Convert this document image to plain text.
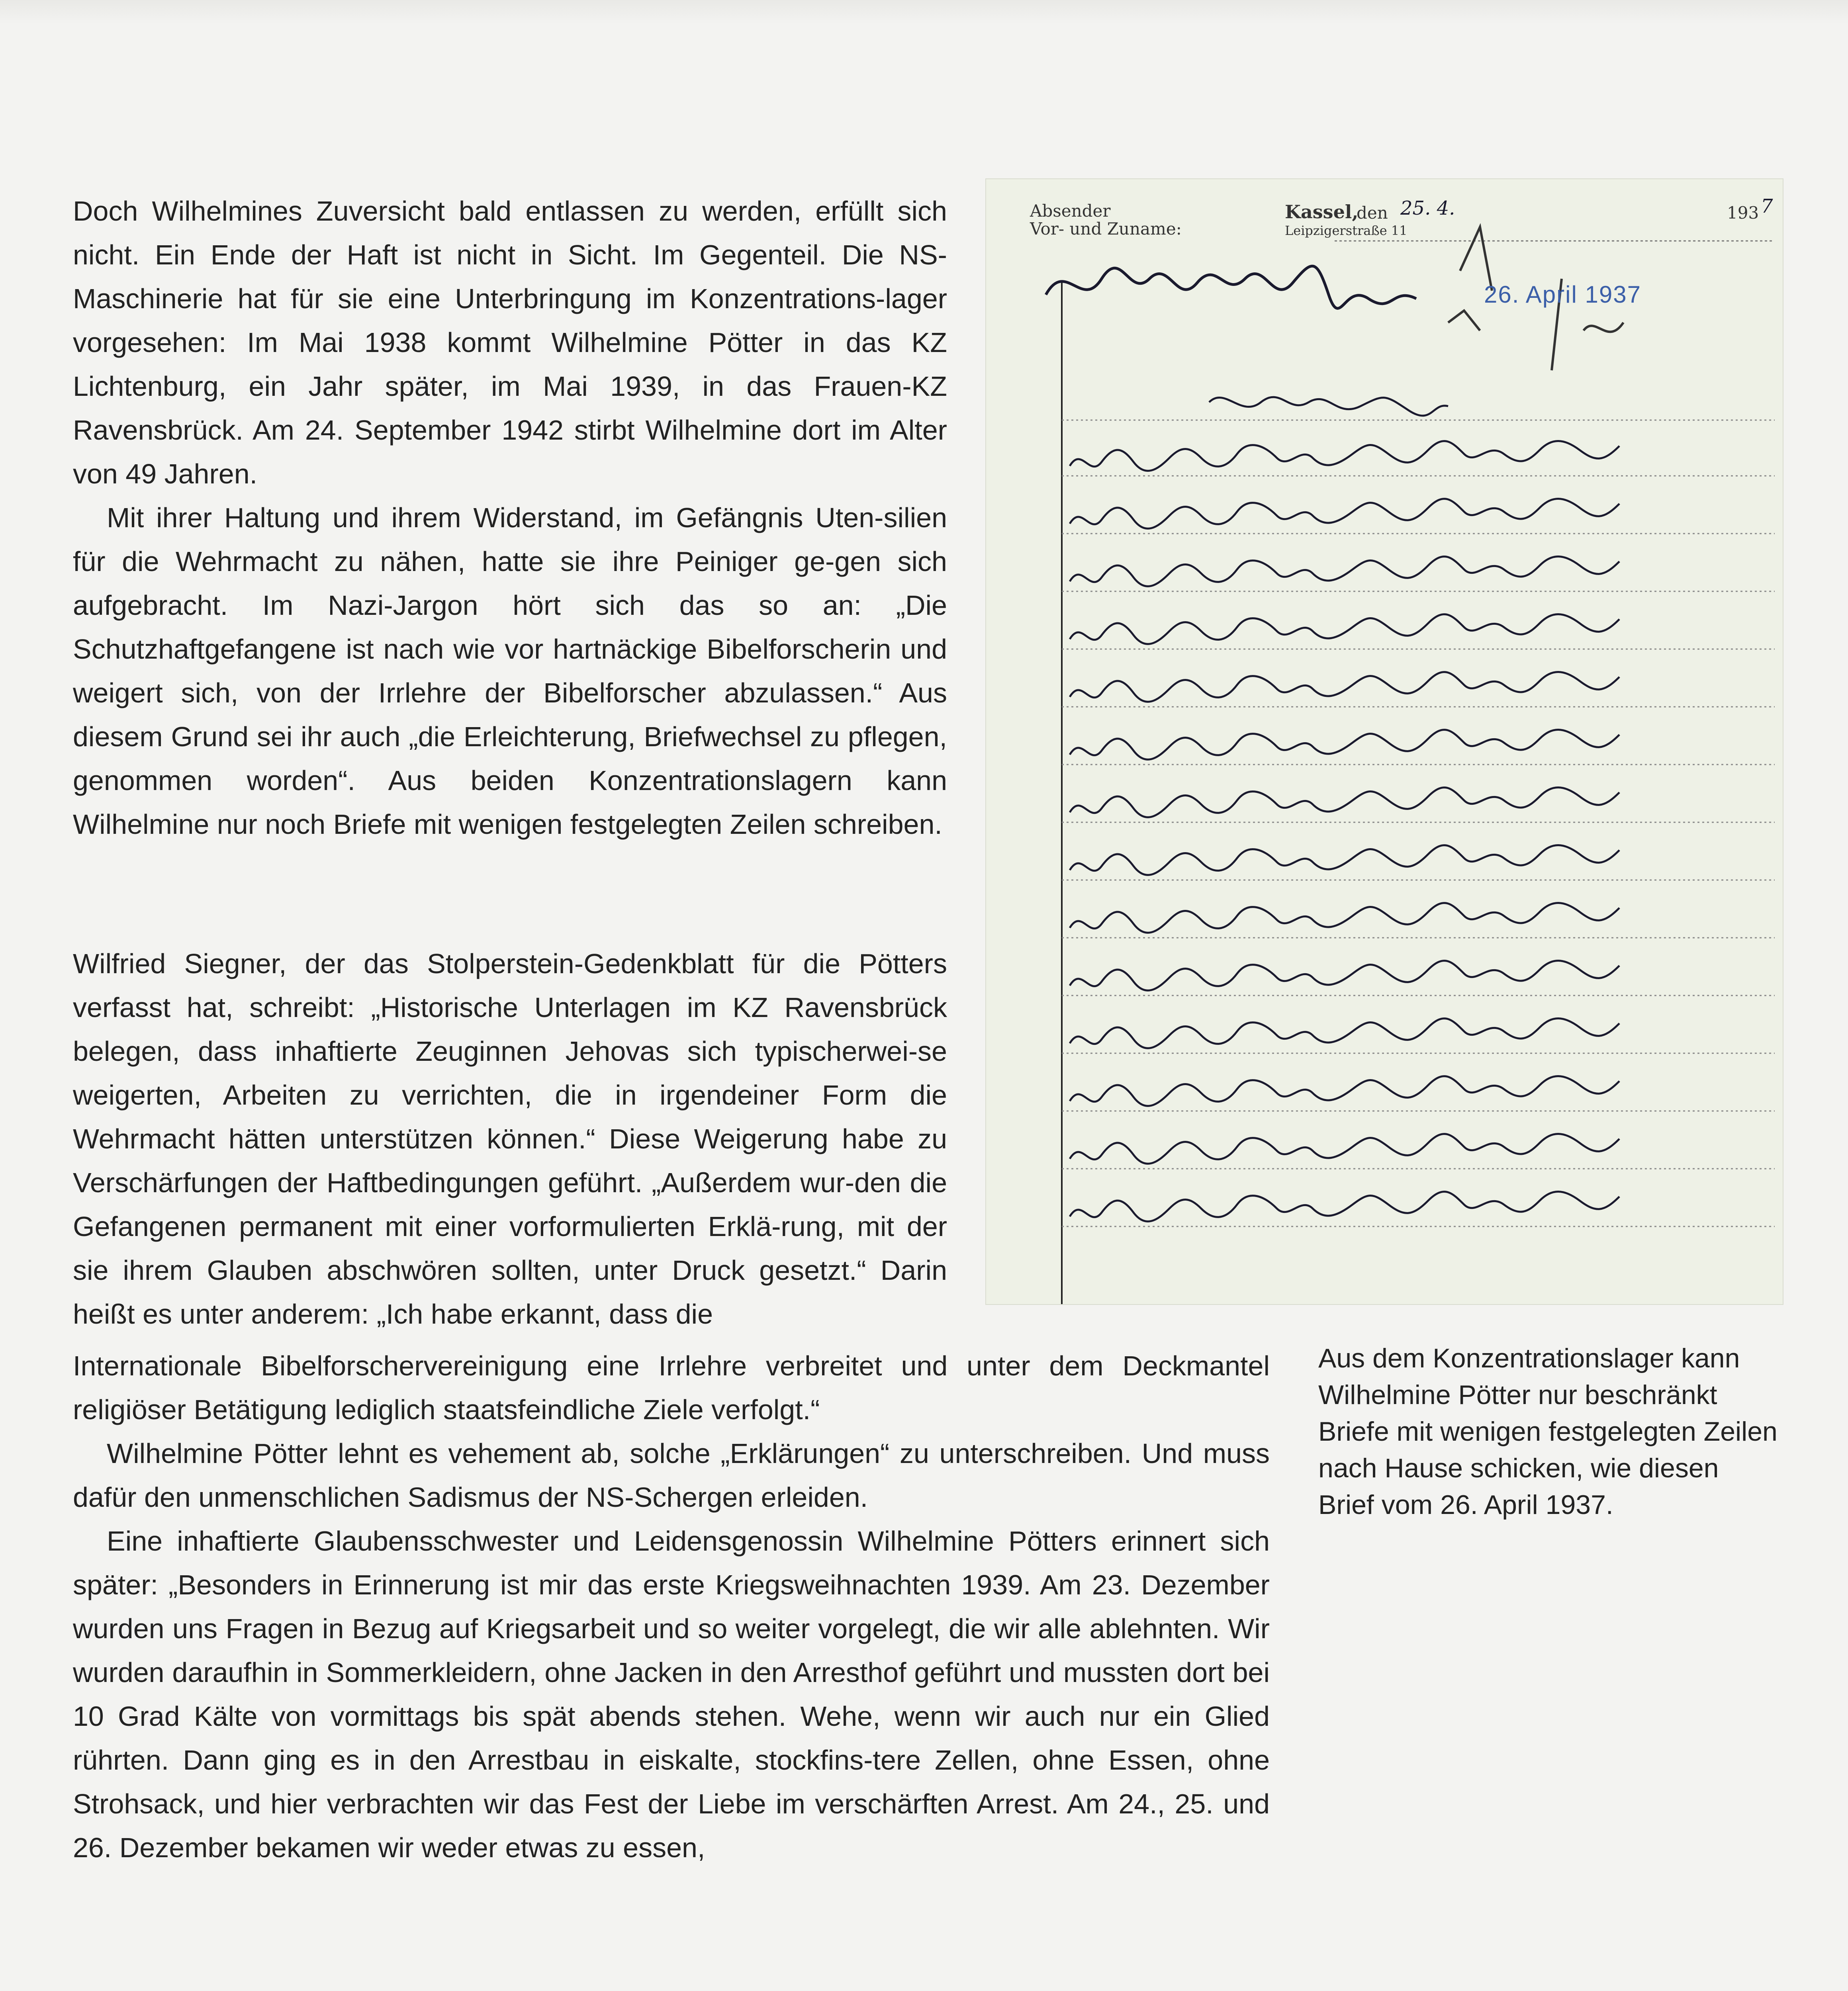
Doch Wilhelmines Zuversicht bald entlassen zu werden, erfüllt sich nicht. Ein Ende der Haft ist nicht in Sicht. Im Gegenteil. Die NS-Maschinerie hat für sie eine Unterbringung im Konzentrations-lager vorgesehen: Im Mai 1938 kommt Wilhelmine Pötter in das KZ Lichtenburg, ein Jahr später, im Mai 1939, in das Frauen-KZ Ravensbrück. Am 24. September 1942 stirbt Wilhelmine dort im Alter von 49 Jahren.

Mit ihrer Haltung und ihrem Widerstand, im Gefängnis Uten-silien für die Wehrmacht zu nähen, hatte sie ihre Peiniger ge-gen sich aufgebracht. Im Nazi-Jargon hört sich das so an: „Die Schutzhaftgefangene ist nach wie vor hartnäckige Bibelforscherin und weigert sich, von der Irrlehre der Bibelforscher abzulassen.“ Aus diesem Grund sei ihr auch „die Erleichterung, Briefwechsel zu pflegen, genommen worden“. Aus beiden Konzentrationslagern kann Wilhelmine nur noch Briefe mit wenigen festgelegten Zeilen schreiben.

Wilfried Siegner, der das Stolperstein-Gedenkblatt für die Pötters verfasst hat, schreibt: „Historische Unterlagen im KZ Ravensbrück belegen, dass inhaftierte Zeuginnen Jehovas sich typischerwei-se weigerten, Arbeiten zu verrichten, die in irgendeiner Form die Wehrmacht hätten unterstützen können.“ Diese Weigerung habe zu Verschärfungen der Haftbedingungen geführt. „Außerdem wur-den die Gefangenen permanent mit einer vorformulierten Erklä-rung, mit der sie ihrem Glauben abschwören sollten, unter Druck gesetzt.“ Darin heißt es unter anderem: „Ich habe erkannt, dass die

Internationale Bibelforschervereinigung eine Irrlehre verbreitet und unter dem Deckmantel religiöser Betätigung lediglich staatsfeindliche Ziele verfolgt.“

Wilhelmine Pötter lehnt es vehement ab, solche „Erklärungen“ zu unterschreiben. Und muss dafür den unmenschlichen Sadismus der NS-Schergen erleiden.

Eine inhaftierte Glaubensschwester und Leidensgenossin Wilhelmine Pötters erinnert sich später: „Besonders in Erinnerung ist mir das erste Kriegsweihnachten 1939. Am 23. Dezember wurden uns Fragen in Bezug auf Kriegsarbeit und so weiter vorgelegt, die wir alle ablehnten. Wir wurden daraufhin in Sommerkleidern, ohne Jacken in den Arresthof geführt und mussten dort bei 10 Grad Kälte von vormittags bis spät abends stehen. Wehe, wenn wir auch nur ein Glied rührten. Dann ging es in den Arrestbau in eiskalte, stockfins-tere Zellen, ohne Essen, ohne Strohsack, und hier verbrachten wir das Fest der Liebe im verschärften Arrest. Am 24., 25. und 26. Dezember bekamen wir weder etwas zu essen,

Absender
Vor- und Zuname:
Kassel,
den 25. 4.	193 7
Leipzigerstraße 11
26. April 1937

Aus dem Konzentrationslager kann Wilhelmine Pötter nur beschränkt Briefe mit wenigen festgelegten Zeilen nach Hause schicken, wie diesen Brief vom 26. April 1937.
